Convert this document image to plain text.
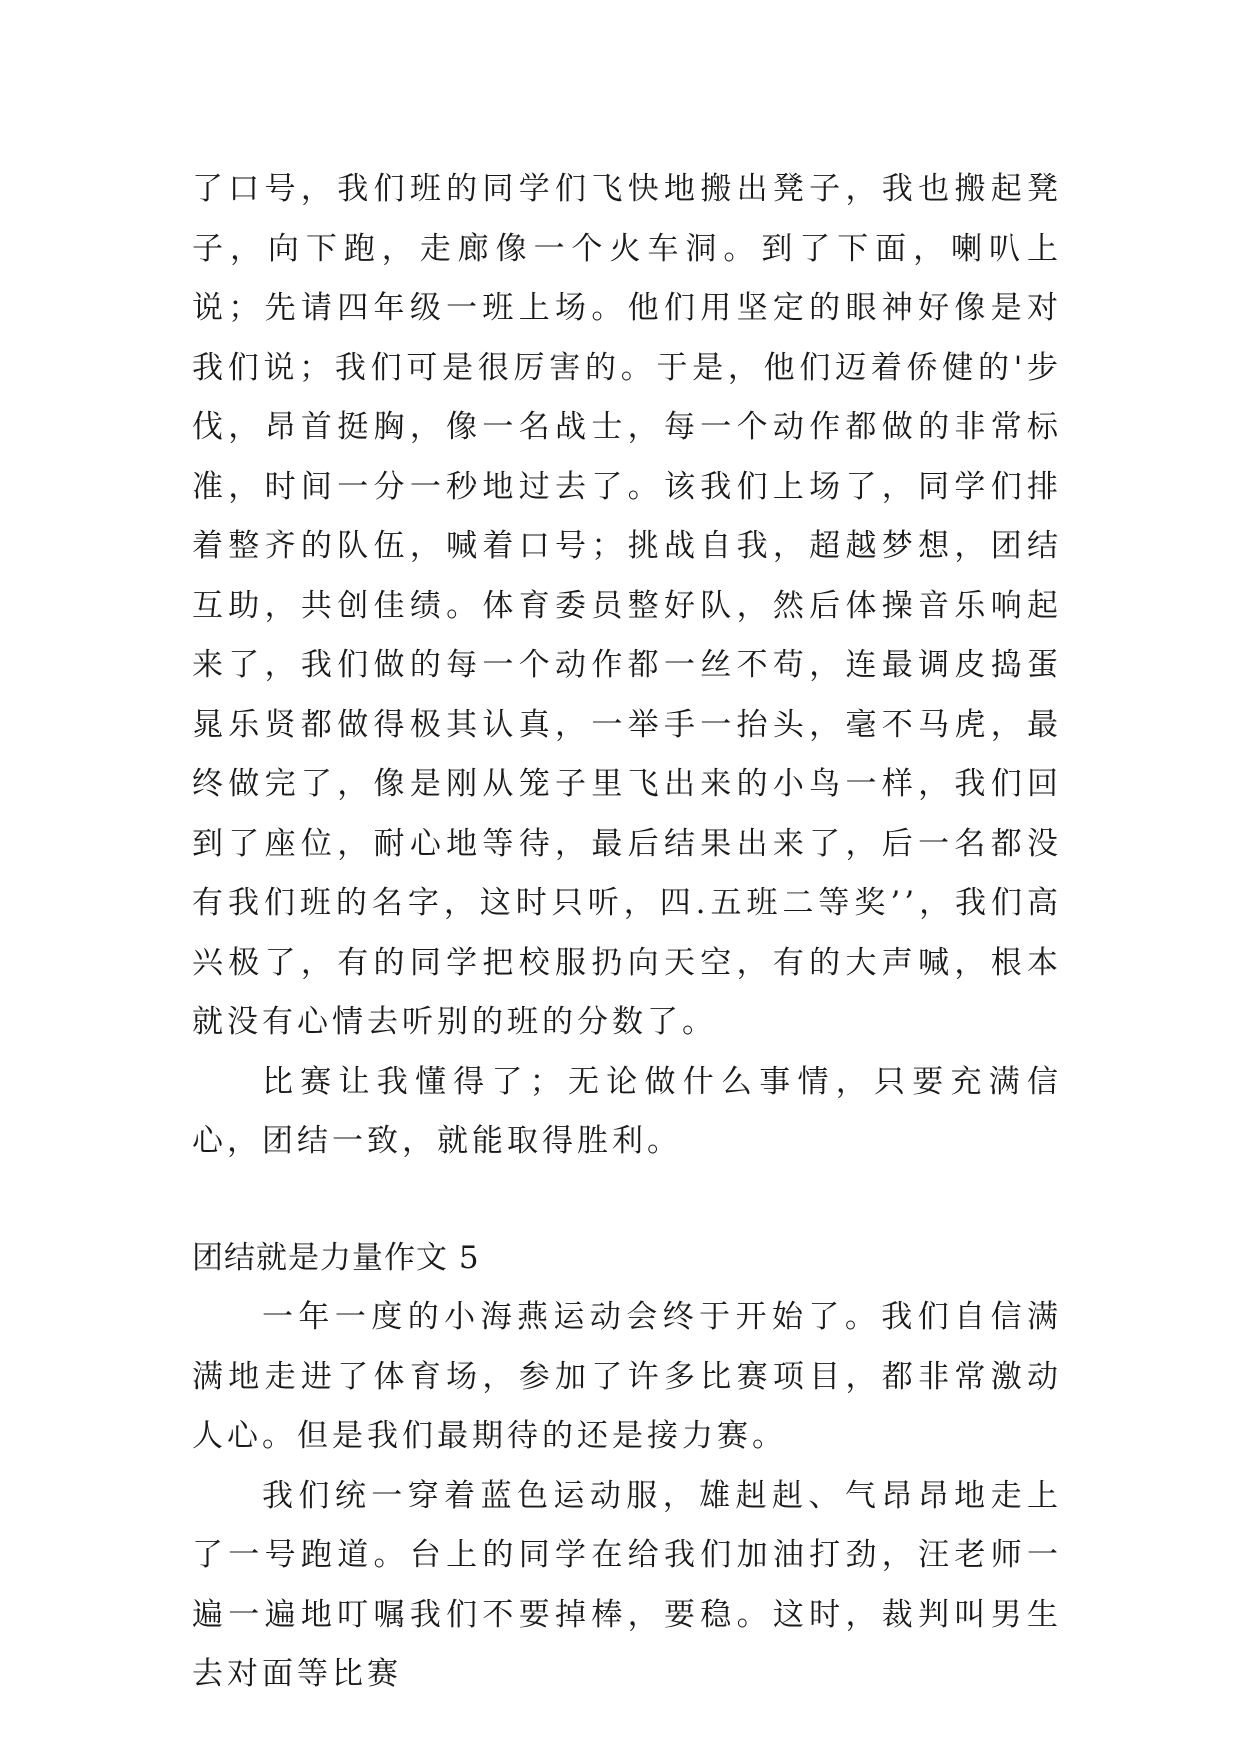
了口号，我们班的同学们飞快地搬出凳子，我也搬起凳子，向下跑，走廊像一个火车洞。到了下面，喇叭上说；先请四年级一班上场。他们用坚定的眼神好像是对我们说；我们可是很厉害的。于是，他们迈着侨健的'步伐，昂首挺胸，像一名战士，每一个动作都做的非常标准，时间一分一秒地过去了。该我们上场了，同学们排着整齐的队伍，喊着口号；挑战自我，超越梦想，团结互助，共创佳绩。体育委员整好队，然后体操音乐响起来了，我们做的每一个动作都一丝不苟，连最调皮捣蛋晁乐贤都做得极其认真，一举手一抬头，毫不马虎，最终做完了，像是刚从笼子里飞出来的小鸟一样，我们回到了座位，耐心地等待，最后结果出来了，后一名都没有我们班的名字，这时只听，四.五班二等奖’’，我们高兴极了，有的同学把校服扔向天空，有的大声喊，根本就没有心情去听别的班的分数了。

比赛让我懂得了；无论做什么事情，只要充满信心，团结一致，就能取得胜利。

团结就是力量作文 5

一年一度的小海燕运动会终于开始了。我们自信满满地走进了体育场，参加了许多比赛项目，都非常激动人心。但是我们最期待的还是接力赛。

我们统一穿着蓝色运动服，雄赳赳、气昂昂地走上了一号跑道。台上的同学在给我们加油打劲，汪老师一遍一遍地叮嘱我们不要掉棒，要稳。这时，裁判叫男生去对面等比赛
